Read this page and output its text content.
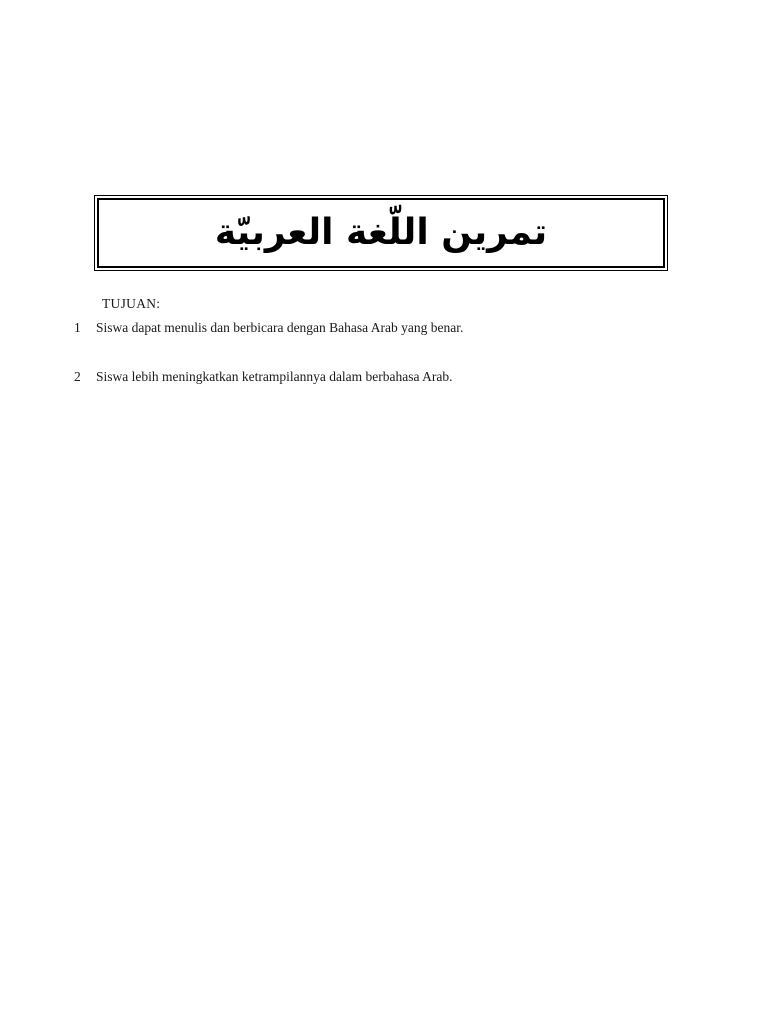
تمرين اللّغة العربيّة
TUJUAN:
1	Siswa dapat menulis dan berbicara dengan Bahasa Arab yang benar.
2	Siswa lebih meningkatkan ketrampilannya dalam berbahasa Arab.
